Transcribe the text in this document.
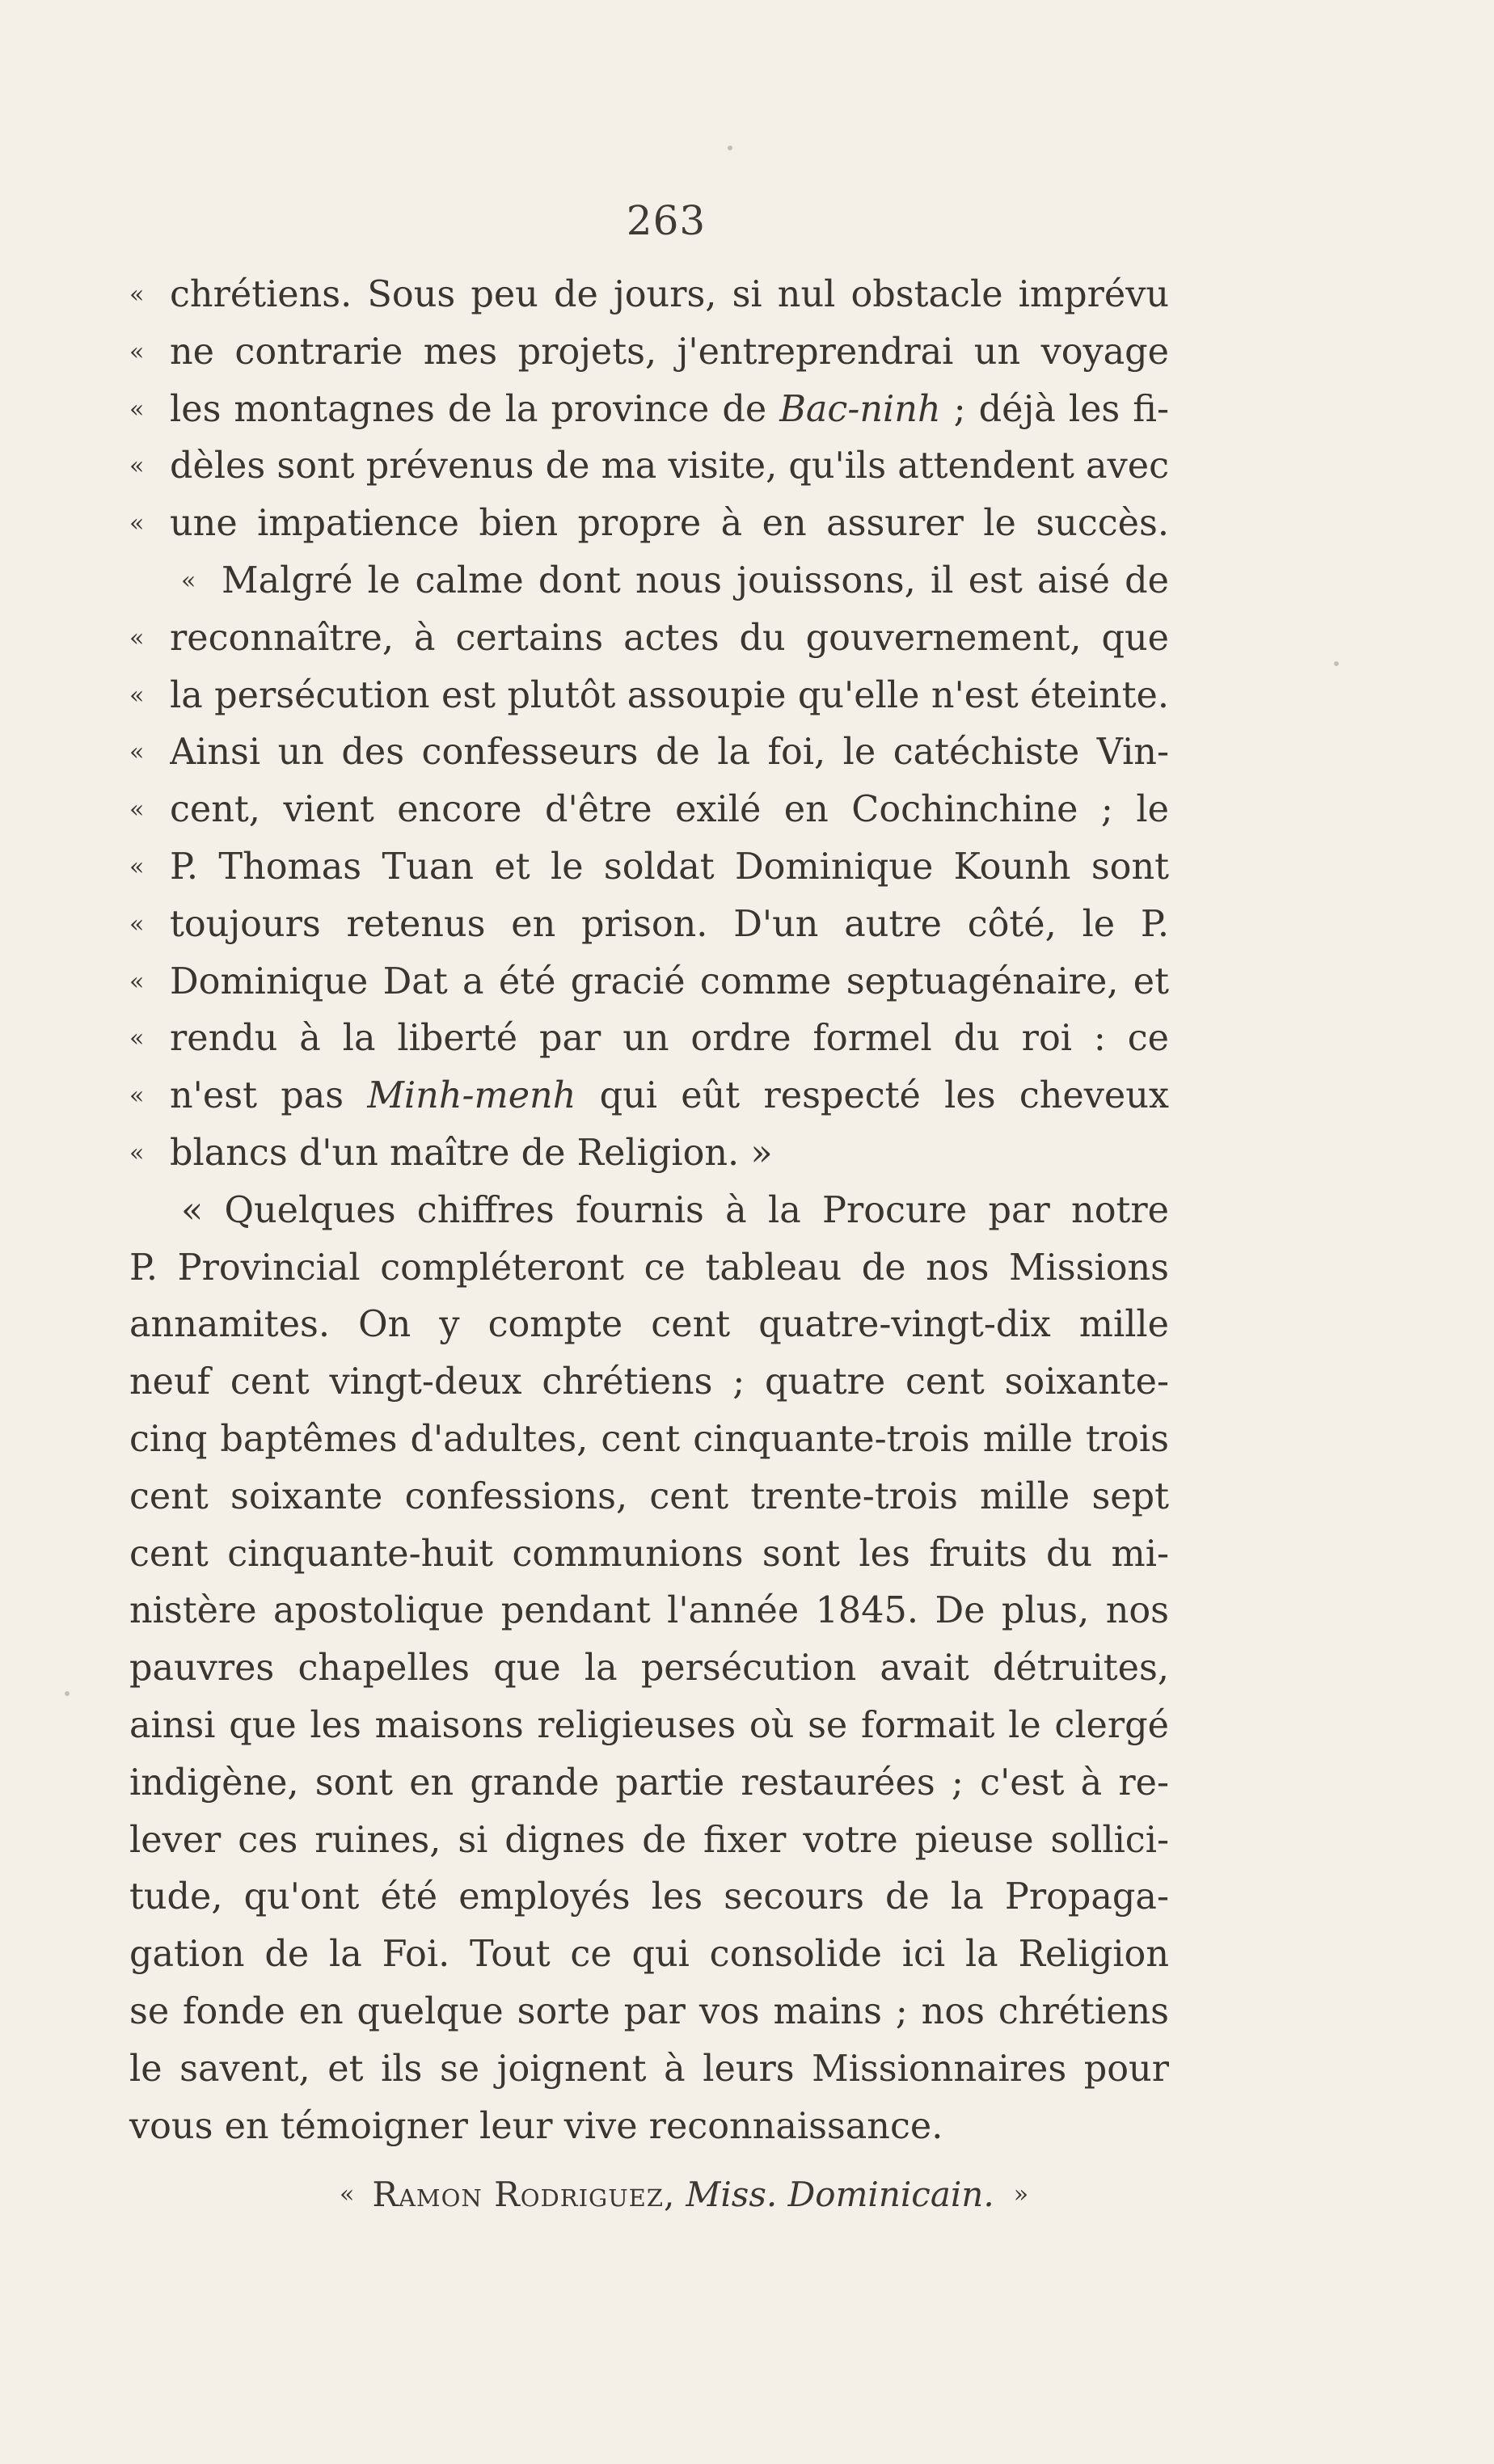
263
« chrétiens. Sous peu de jours, si nul obstacle imprévu
« ne contrarie mes projets, j'entreprendrai un voyage
« les montagnes de la province de Bac-ninh ; déjà les fi-
« dèles sont prévenus de ma visite, qu'ils attendent avec
« une impatience bien propre à en assurer le succès.
« Malgré le calme dont nous jouissons, il est aisé de
« reconnaître, à certains actes du gouvernement, que
« la persécution est plutôt assoupie qu'elle n'est éteinte.
« Ainsi un des confesseurs de la foi, le catéchiste Vin-
« cent, vient encore d'être exilé en Cochinchine ; le
« P. Thomas Tuan et le soldat Dominique Kounh sont
« toujours retenus en prison. D'un autre côté, le P.
« Dominique Dat a été gracié comme septuagénaire, et
« rendu à la liberté par un ordre formel du roi : ce
« n'est pas Minh-menh qui eût respecté les cheveux
« blancs d'un maître de Religion. »
« Quelques chiffres fournis à la Procure par notre
P. Provincial compléteront ce tableau de nos Missions
annamites. On y compte cent quatre-vingt-dix mille
neuf cent vingt-deux chrétiens ; quatre cent soixante-
cinq baptêmes d'adultes, cent cinquante-trois mille trois
cent soixante confessions, cent trente-trois mille sept
cent cinquante-huit communions sont les fruits du mi-
nistère apostolique pendant l'année 1845. De plus, nos
pauvres chapelles que la persécution avait détruites,
ainsi que les maisons religieuses où se formait le clergé
indigène, sont en grande partie restaurées ; c'est à re-
lever ces ruines, si dignes de fixer votre pieuse sollici-
tude, qu'ont été employés les secours de la Propaga-
gation de la Foi. Tout ce qui consolide ici la Religion
se fonde en quelque sorte par vos mains ; nos chrétiens
le savent, et ils se joignent à leurs Missionnaires pour
vous en témoigner leur vive reconnaissance.
« Ramon Rodriguez, Miss. Dominicain. »
